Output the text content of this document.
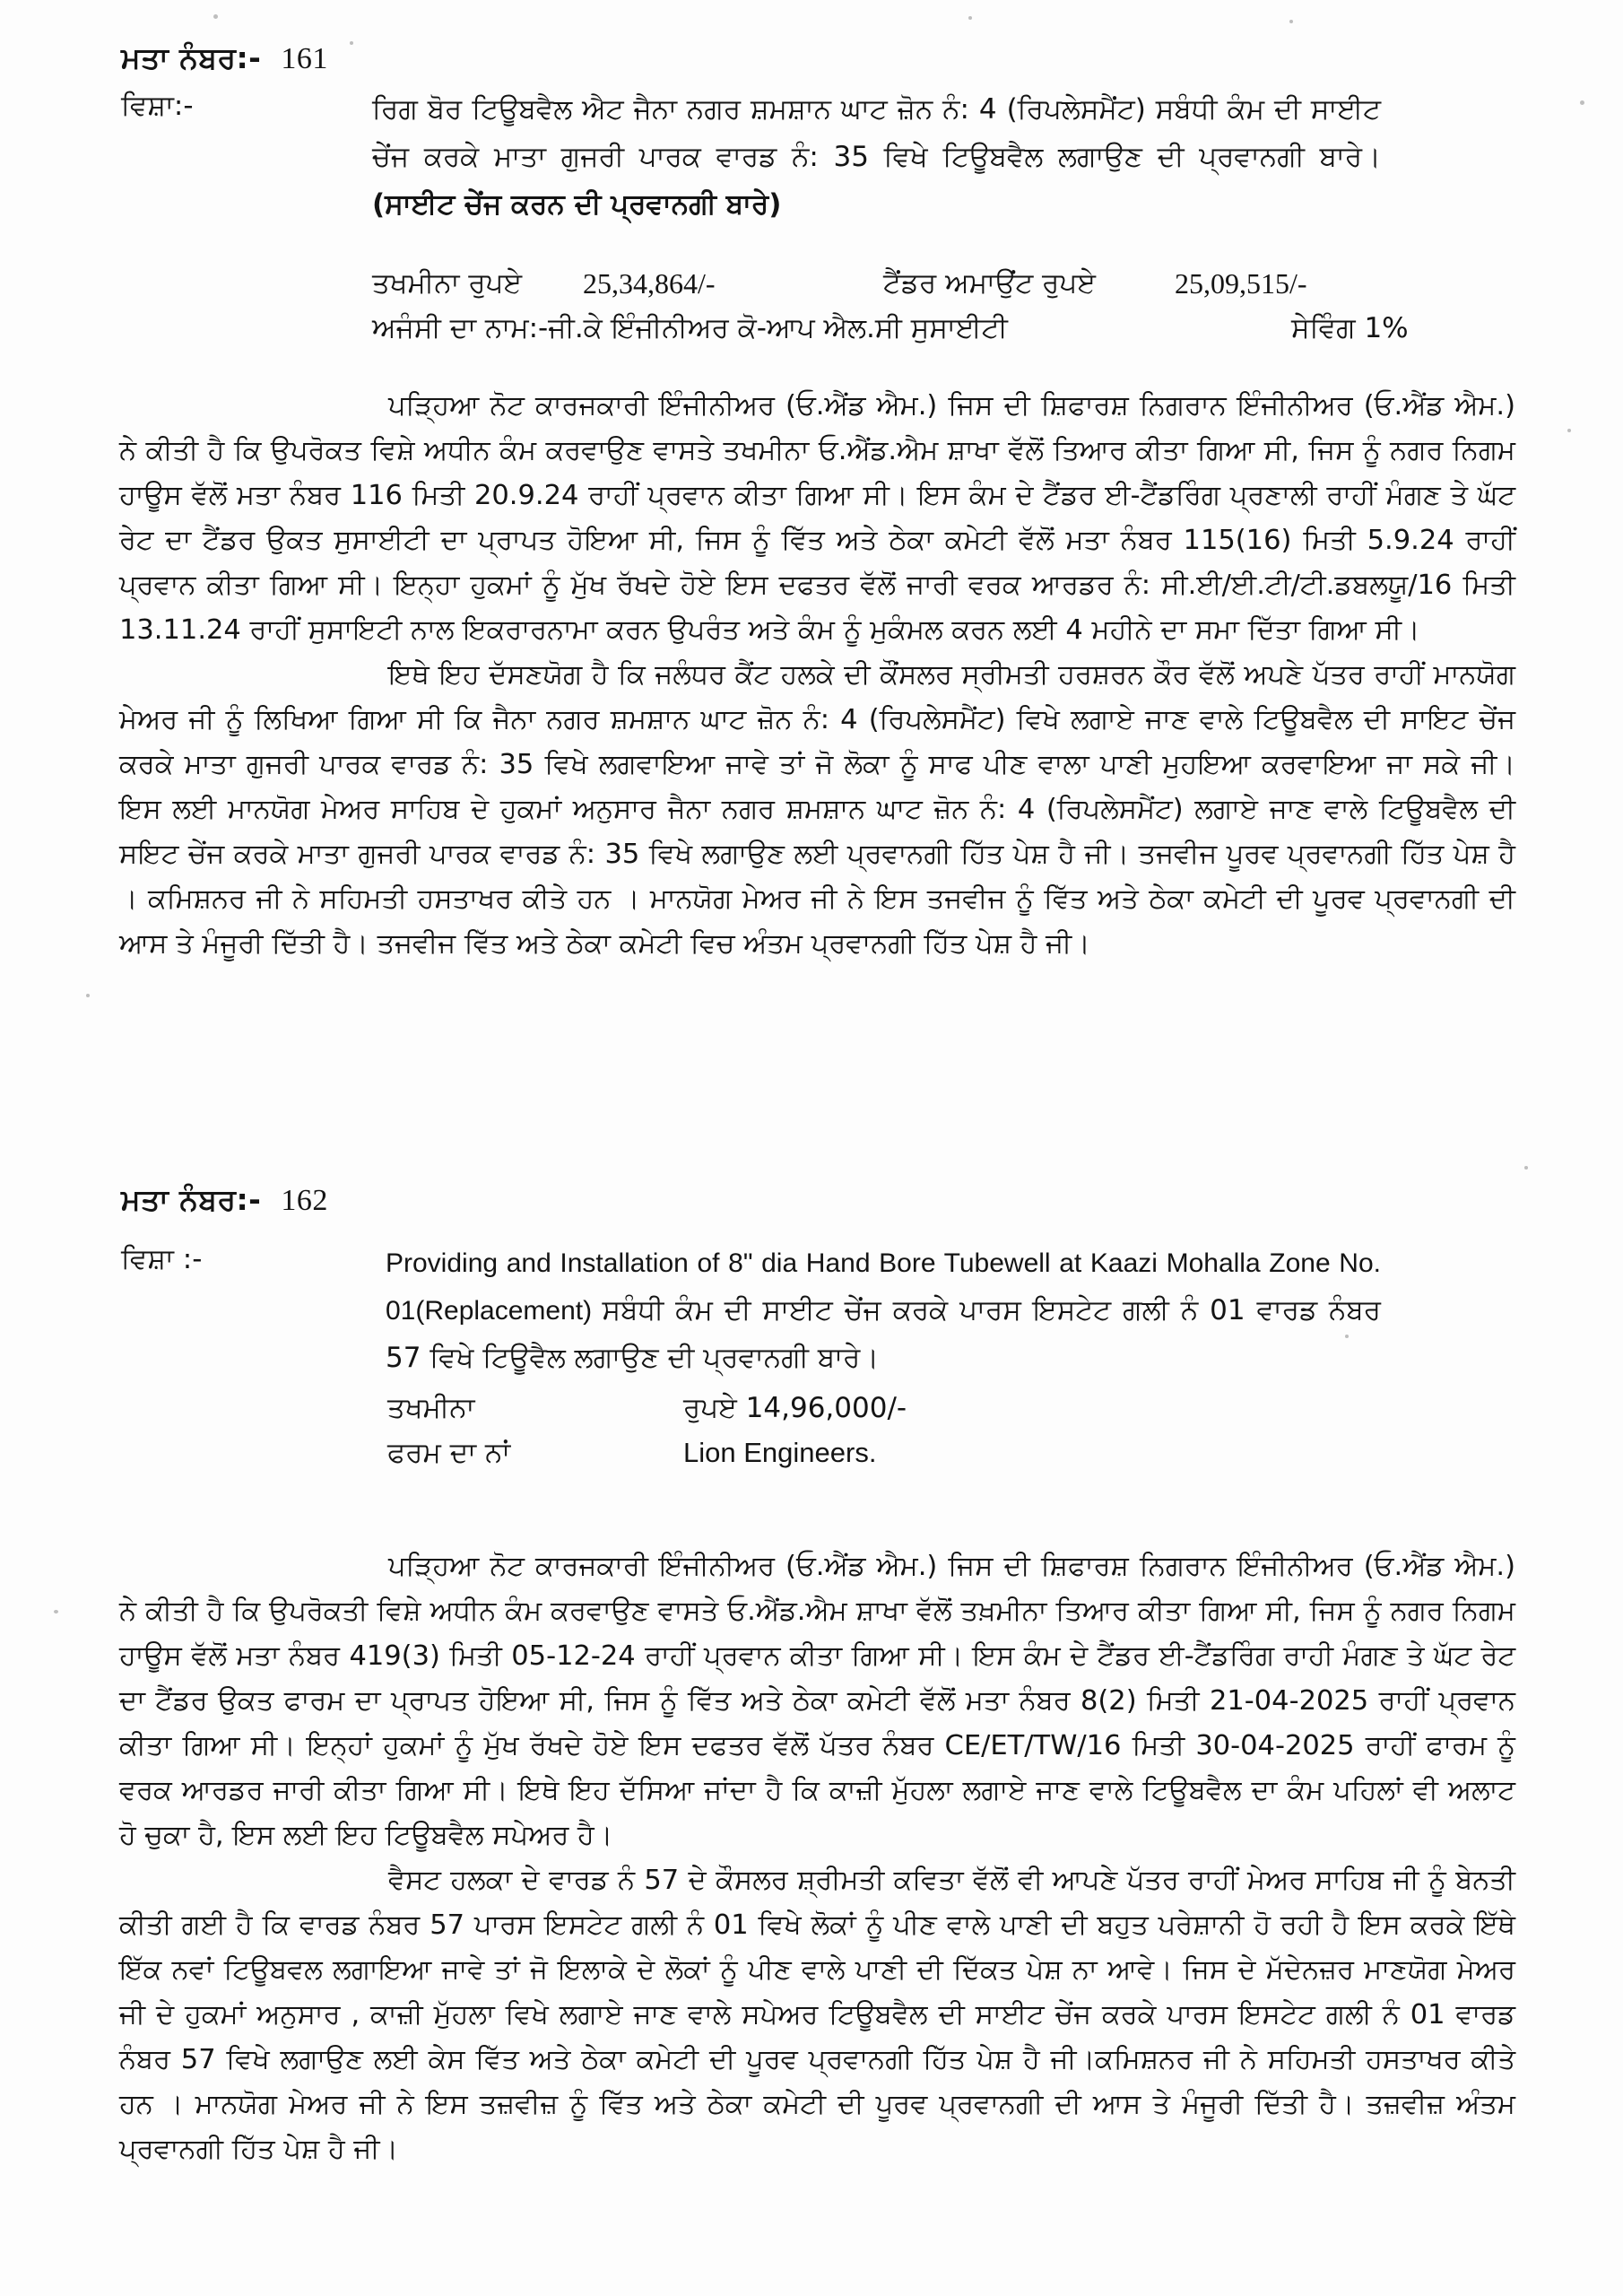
ਮਤਾ ਨੰਬਰ:- 161
ਵਿਸ਼ਾ:-	ਰਿਗ ਬੋਰ ਟਿਊਬਵੈਲ ਐਟ ਜੈਨਾ ਨਗਰ ਸ਼ਮਸ਼ਾਨ ਘਾਟ ਜ਼ੋਨ ਨੰ: 4 (ਰਿਪਲੇਸਮੈਂਟ) ਸਬੰਧੀ ਕੰਮ ਦੀ ਸਾਈਟ ਚੇਂਜ ਕਰਕੇ ਮਾਤਾ ਗੁਜਰੀ ਪਾਰਕ ਵਾਰਡ ਨੰ: 35 ਵਿਖੇ ਟਿਊਬਵੈਲ ਲਗਾਉਣ ਦੀ ਪ੍ਰਵਾਨਗੀ ਬਾਰੇ। (ਸਾਈਟ ਚੇਂਜ ਕਰਨ ਦੀ ਪ੍ਰਵਾਨਗੀ ਬਾਰੇ)
ਤਖਮੀਨਾ ਰੁਪਏ 25,34,864/-	ਟੈਂਡਰ ਅਮਾਉਂਟ ਰੁਪਏ	25,09,515/-
ਅਜੰਸੀ ਦਾ ਨਾਮ:-ਜੀ.ਕੇ ਇੰਜੀਨੀਅਰ ਕੋ-ਆਪ ਐਲ.ਸੀ ਸੁਸਾਈਟੀ	ਸੇਵਿੰਗ 1%

ਪੜ੍ਹਿਆ ਨੋਟ ਕਾਰਜਕਾਰੀ ਇੰਜੀਨੀਅਰ (ਓ.ਐਂਡ ਐਮ.) ਜਿਸ ਦੀ ਸ਼ਿਫਾਰਸ਼ ਨਿਗਰਾਨ ਇੰਜੀਨੀਅਰ (ਓ.ਐਂਡ ਐਮ.) ਨੇ ਕੀਤੀ ਹੈ ਕਿ ਉਪਰੋਕਤ ਵਿਸ਼ੇ ਅਧੀਨ ਕੰਮ ਕਰਵਾਉਣ ਵਾਸਤੇ ਤਖਮੀਨਾ ਓ.ਐਂਡ.ਐਮ ਸ਼ਾਖਾ ਵੱਲੋਂ ਤਿਆਰ ਕੀਤਾ ਗਿਆ ਸੀ, ਜਿਸ ਨੂੰ ਨਗਰ ਨਿਗਮ ਹਾਊਸ ਵੱਲੋਂ ਮਤਾ ਨੰਬਰ 116 ਮਿਤੀ 20.9.24 ਰਾਹੀਂ ਪ੍ਰਵਾਨ ਕੀਤਾ ਗਿਆ ਸੀ। ਇਸ ਕੰਮ ਦੇ ਟੈਂਡਰ ਈ-ਟੈਂਡਰਿੰਗ ਪ੍ਰਣਾਲੀ ਰਾਹੀਂ ਮੰਗਣ ਤੇ ਘੱਟ ਰੇਟ ਦਾ ਟੈਂਡਰ ਉਕਤ ਸੁਸਾਈਟੀ ਦਾ ਪ੍ਰਾਪਤ ਹੋਇਆ ਸੀ, ਜਿਸ ਨੂੰ ਵਿੱਤ ਅਤੇ ਠੇਕਾ ਕਮੇਟੀ ਵੱਲੋਂ ਮਤਾ ਨੰਬਰ 115(16) ਮਿਤੀ 5.9.24 ਰਾਹੀਂ ਪ੍ਰਵਾਨ ਕੀਤਾ ਗਿਆ ਸੀ। ਇਨ੍ਹਾ ਹੁਕਮਾਂ ਨੂੰ ਮੁੱਖ ਰੱਖਦੇ ਹੋਏ ਇਸ ਦਫਤਰ ਵੱਲੋਂ ਜਾਰੀ ਵਰਕ ਆਰਡਰ ਨੰ: ਸੀ.ਈ/ਈ.ਟੀ/ਟੀ.ਡਬਲਯੂ/16 ਮਿਤੀ 13.11.24 ਰਾਹੀਂ ਸੁਸਾਇਟੀ ਨਾਲ ਇਕਰਾਰਨਾਮਾ ਕਰਨ ਉਪਰੰਤ ਅਤੇ ਕੰਮ ਨੂੰ ਮੁਕੰਮਲ ਕਰਨ ਲਈ 4 ਮਹੀਨੇ ਦਾ ਸਮਾ ਦਿੱਤਾ ਗਿਆ ਸੀ।

ਇਥੇ ਇਹ ਦੱਸਣਯੋਗ ਹੈ ਕਿ ਜਲੰਧਰ ਕੈਂਟ ਹਲਕੇ ਦੀ ਕੌਂਸਲਰ ਸ੍ਰੀਮਤੀ ਹਰਸ਼ਰਨ ਕੌਰ ਵੱਲੋਂ ਅਪਣੇ ਪੱਤਰ ਰਾਹੀਂ ਮਾਨਯੋਗ ਮੇਅਰ ਜੀ ਨੂੰ ਲਿਖਿਆ ਗਿਆ ਸੀ ਕਿ ਜੈਨਾ ਨਗਰ ਸ਼ਮਸ਼ਾਨ ਘਾਟ ਜ਼ੋਨ ਨੰ: 4 (ਰਿਪਲੇਸਮੈਂਟ) ਵਿਖੇ ਲਗਾਏ ਜਾਣ ਵਾਲੇ ਟਿਊਬਵੈਲ ਦੀ ਸਾਇਟ ਚੇਂਜ ਕਰਕੇ ਮਾਤਾ ਗੁਜਰੀ ਪਾਰਕ ਵਾਰਡ ਨੰ: 35 ਵਿਖੇ ਲਗਵਾਇਆ ਜਾਵੇ ਤਾਂ ਜੋ ਲੋਕਾ ਨੂੰ ਸਾਫ ਪੀਣ ਵਾਲਾ ਪਾਣੀ ਮੁਹਇਆ ਕਰਵਾਇਆ ਜਾ ਸਕੇ ਜੀ। ਇਸ ਲਈ ਮਾਨਯੋਗ ਮੇਅਰ ਸਾਹਿਬ ਦੇ ਹੁਕਮਾਂ ਅਨੁਸਾਰ ਜੈਨਾ ਨਗਰ ਸ਼ਮਸ਼ਾਨ ਘਾਟ ਜ਼ੋਨ ਨੰ: 4 (ਰਿਪਲੇਸਮੈਂਟ) ਲਗਾਏ ਜਾਣ ਵਾਲੇ ਟਿਊਬਵੈਲ ਦੀ ਸਇਟ ਚੇਂਜ ਕਰਕੇ ਮਾਤਾ ਗੁਜਰੀ ਪਾਰਕ ਵਾਰਡ ਨੰ: 35 ਵਿਖੇ ਲਗਾਉਣ ਲਈ ਪ੍ਰਵਾਨਗੀ ਹਿੱਤ ਪੇਸ਼ ਹੈ ਜੀ। ਤਜਵੀਜ ਪੂਰਵ ਪ੍ਰਵਾਨਗੀ ਹਿੱਤ ਪੇਸ਼ ਹੈ । ਕਮਿਸ਼ਨਰ ਜੀ ਨੇ ਸਹਿਮਤੀ ਹਸਤਾਖਰ ਕੀਤੇ ਹਨ । ਮਾਨਯੋਗ ਮੇਅਰ ਜੀ ਨੇ ਇਸ ਤਜਵੀਜ ਨੂੰ ਵਿੱਤ ਅਤੇ ਠੇਕਾ ਕਮੇਟੀ ਦੀ ਪੂਰਵ ਪ੍ਰਵਾਨਗੀ ਦੀ ਆਸ ਤੇ ਮੰਜੂਰੀ ਦਿੱਤੀ ਹੈ। ਤਜਵੀਜ ਵਿੱਤ ਅਤੇ ਠੇਕਾ ਕਮੇਟੀ ਵਿਚ ਅੰਤਮ ਪ੍ਰਵਾਨਗੀ ਹਿੱਤ ਪੇਸ਼ ਹੈ ਜੀ।

ਮਤਾ ਨੰਬਰ:- 162
ਵਿਸ਼ਾ :-	Providing and Installation of 8" dia Hand Bore Tubewell at Kaazi Mohalla Zone No. 01(Replacement) ਸਬੰਧੀ ਕੰਮ ਦੀ ਸਾਈਟ ਚੇਂਜ ਕਰਕੇ ਪਾਰਸ ਇਸਟੇਟ ਗਲੀ ਨੰ 01 ਵਾਰਡ ਨੰਬਰ 57 ਵਿਖੇ ਟਿਊਵੈਲ ਲਗਾਉਣ ਦੀ ਪ੍ਰਵਾਨਗੀ ਬਾਰੇ।
ਤਖਮੀਨਾ	ਰੁਪਏ 14,96,000/-
ਫਰਮ ਦਾ ਨਾਂ	Lion Engineers.

ਪੜ੍ਹਿਆ ਨੋਟ ਕਾਰਜਕਾਰੀ ਇੰਜੀਨੀਅਰ (ਓ.ਐਂਡ ਐਮ.) ਜਿਸ ਦੀ ਸ਼ਿਫਾਰਸ਼ ਨਿਗਰਾਨ ਇੰਜੀਨੀਅਰ (ਓ.ਐਂਡ ਐਮ.) ਨੇ ਕੀਤੀ ਹੈ ਕਿ ਉਪਰੋਕਤੀ ਵਿਸ਼ੇ ਅਧੀਨ ਕੰਮ ਕਰਵਾਉਣ ਵਾਸਤੇ ਓ.ਐਂਡ.ਐਮ ਸ਼ਾਖਾ ਵੱਲੋਂ ਤਖ਼ਮੀਨਾ ਤਿਆਰ ਕੀਤਾ ਗਿਆ ਸੀ, ਜਿਸ ਨੂੰ ਨਗਰ ਨਿਗਮ ਹਾਊਸ ਵੱਲੋਂ ਮਤਾ ਨੰਬਰ 419(3) ਮਿਤੀ 05-12-24 ਰਾਹੀਂ ਪ੍ਰਵਾਨ ਕੀਤਾ ਗਿਆ ਸੀ। ਇਸ ਕੰਮ ਦੇ ਟੈਂਡਰ ਈ-ਟੈਂਡਰਿੰਗ ਰਾਹੀ ਮੰਗਣ ਤੇ ਘੱਟ ਰੇਟ ਦਾ ਟੈਂਡਰ ਉਕਤ ਫਾਰਮ ਦਾ ਪ੍ਰਾਪਤ ਹੋਇਆ ਸੀ, ਜਿਸ ਨੂੰ ਵਿੱਤ ਅਤੇ ਠੇਕਾ ਕਮੇਟੀ ਵੱਲੋਂ ਮਤਾ ਨੰਬਰ 8(2) ਮਿਤੀ 21-04-2025 ਰਾਹੀਂ ਪ੍ਰਵਾਨ ਕੀਤਾ ਗਿਆ ਸੀ। ਇਨ੍ਹਾਂ ਹੁਕਮਾਂ ਨੂੰ ਮੁੱਖ ਰੱਖਦੇ ਹੋਏ ਇਸ ਦਫਤਰ ਵੱਲੋਂ ਪੱਤਰ ਨੰਬਰ CE/ET/TW/16 ਮਿਤੀ 30-04-2025 ਰਾਹੀਂ ਫਾਰਮ ਨੂੰ ਵਰਕ ਆਰਡਰ ਜਾਰੀ ਕੀਤਾ ਗਿਆ ਸੀ। ਇਥੇ ਇਹ ਦੱਸਿਆ ਜਾਂਦਾ ਹੈ ਕਿ ਕਾਜ਼ੀ ਮੁੱਹਲਾ ਲਗਾਏ ਜਾਣ ਵਾਲੇ ਟਿਊਬਵੈਲ ਦਾ ਕੰਮ ਪਹਿਲਾਂ ਵੀ ਅਲਾਟ ਹੋ ਚੁਕਾ ਹੈ, ਇਸ ਲਈ ਇਹ ਟਿਊਬਵੈਲ ਸਪੇਅਰ ਹੈ।

ਵੈਸਟ ਹਲਕਾ ਦੇ ਵਾਰਡ ਨੰ 57 ਦੇ ਕੌਸਲਰ ਸ਼੍ਰੀਮਤੀ ਕਵਿਤਾ ਵੱਲੋਂ ਵੀ ਆਪਣੇ ਪੱਤਰ ਰਾਹੀਂ ਮੇਅਰ ਸਾਹਿਬ ਜੀ ਨੂੰ ਬੇਨਤੀ ਕੀਤੀ ਗਈ ਹੈ ਕਿ ਵਾਰਡ ਨੰਬਰ 57 ਪਾਰਸ ਇਸਟੇਟ ਗਲੀ ਨੰ 01 ਵਿਖੇ ਲੋਕਾਂ ਨੂੰ ਪੀਣ ਵਾਲੇ ਪਾਣੀ ਦੀ ਬਹੁਤ ਪਰੇਸ਼ਾਨੀ ਹੋ ਰਹੀ ਹੈ ਇਸ ਕਰਕੇ ਇੱਥੇ ਇੱਕ ਨਵਾਂ ਟਿਊਬਵਲ ਲਗਾਇਆ ਜਾਵੇ ਤਾਂ ਜੋ ਇਲਾਕੇ ਦੇ ਲੋਕਾਂ ਨੂੰ ਪੀਣ ਵਾਲੇ ਪਾਣੀ ਦੀ ਦਿੱਕਤ ਪੇਸ਼ ਨਾ ਆਵੇ। ਜਿਸ ਦੇ ਮੱਦੇਨਜ਼ਰ ਮਾਣਯੋਗ ਮੇਅਰ ਜੀ ਦੇ ਹੁਕਮਾਂ ਅਨੁਸਾਰ , ਕਾਜ਼ੀ ਮੁੱਹਲਾ ਵਿਖੇ ਲਗਾਏ ਜਾਣ ਵਾਲੇ ਸਪੇਅਰ ਟਿਊਬਵੈਲ ਦੀ ਸਾਈਟ ਚੇਂਜ ਕਰਕੇ ਪਾਰਸ ਇਸਟੇਟ ਗਲੀ ਨੰ 01 ਵਾਰਡ ਨੰਬਰ 57 ਵਿਖੇ ਲਗਾਉਣ ਲਈ ਕੇਸ ਵਿੱਤ ਅਤੇ ਠੇਕਾ ਕਮੇਟੀ ਦੀ ਪੂਰਵ ਪ੍ਰਵਾਨਗੀ ਹਿੱਤ ਪੇਸ਼ ਹੈ ਜੀ।ਕਮਿਸ਼ਨਰ ਜੀ ਨੇ ਸਹਿਮਤੀ ਹਸਤਾਖਰ ਕੀਤੇ ਹਨ । ਮਾਨਯੋਗ ਮੇਅਰ ਜੀ ਨੇ ਇਸ ਤਜ਼ਵੀਜ਼ ਨੂੰ ਵਿੱਤ ਅਤੇ ਠੇਕਾ ਕਮੇਟੀ ਦੀ ਪੂਰਵ ਪ੍ਰਵਾਨਗੀ ਦੀ ਆਸ ਤੇ ਮੰਜੂਰੀ ਦਿੱਤੀ ਹੈ। ਤਜ਼ਵੀਜ਼ ਅੰਤਮ ਪ੍ਰਵਾਨਗੀ ਹਿੱਤ ਪੇਸ਼ ਹੈ ਜੀ।
